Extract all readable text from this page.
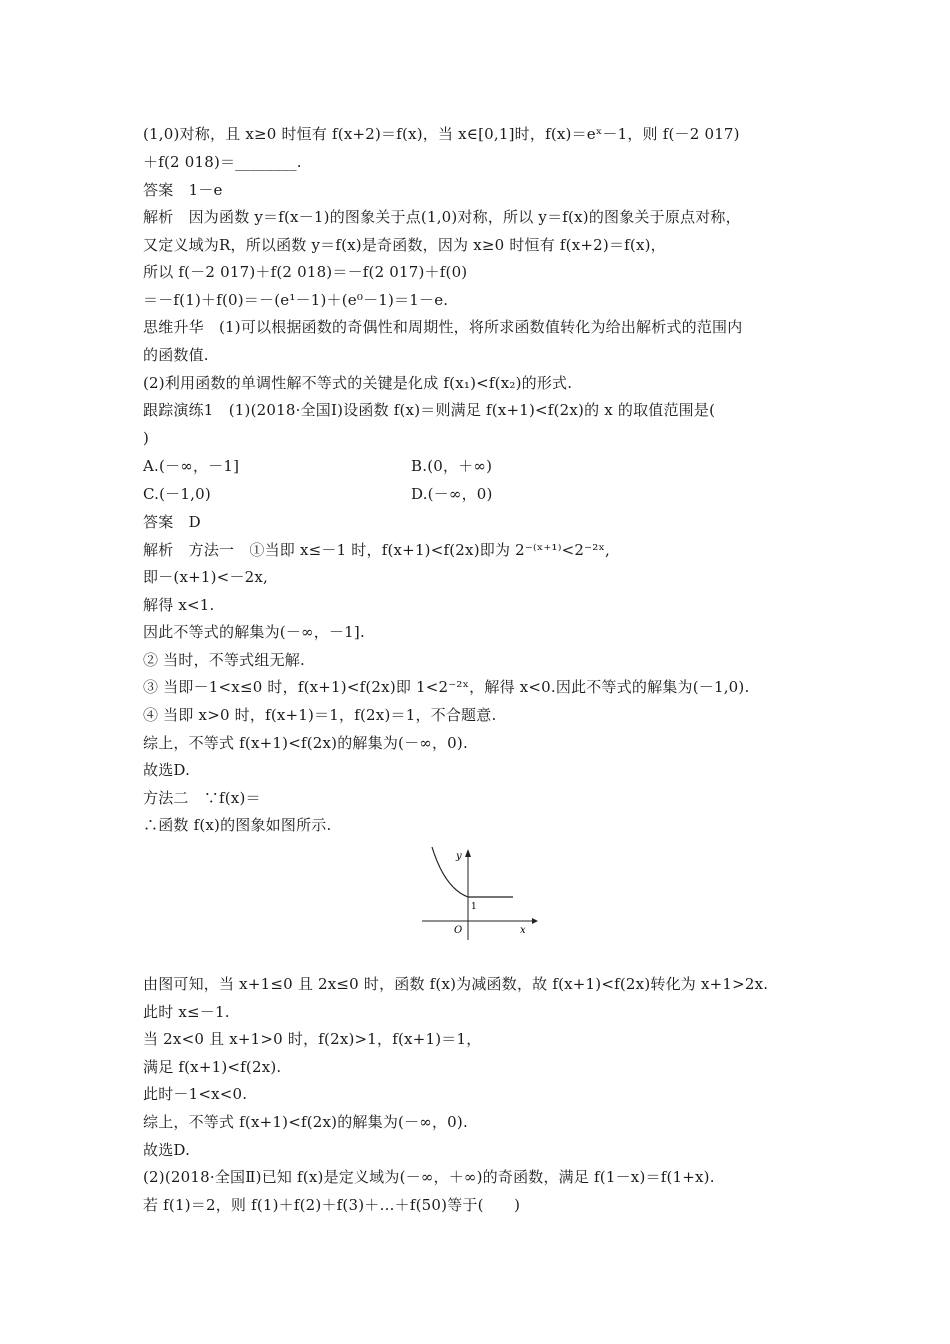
(1,0)对称，且 x≥0 时恒有 f(x+2)＝f(x)，当 x∈[0,1]时，f(x)＝eˣ－1，则 f(－2 017)
＋f(2 018)＝________.
答案　1－e
解析　因为函数 y＝f(x－1)的图象关于点(1,0)对称，所以 y＝f(x)的图象关于原点对称，
又定义域为R，所以函数 y＝f(x)是奇函数，因为 x≥0 时恒有 f(x+2)＝f(x)，
所以 f(－2 017)＋f(2 018)＝－f(2 017)＋f(0)
＝－f(1)＋f(0)＝－(e¹－1)＋(e⁰－1)＝1－e.
思维升华　(1)可以根据函数的奇偶性和周期性，将所求函数值转化为给出解析式的范围内
的函数值.
(2)利用函数的单调性解不等式的关键是化成 f(x₁)<f(x₂)的形式.
跟踪演练1　(1)(2018·全国Ⅰ)设函数 f(x)＝则满足 f(x+1)<f(2x)的 x 的取值范围是(
)
A.(－∞，－1]	B.(0，＋∞)
C.(－1,0)	D.(－∞，0)
答案　D
解析　方法一　①当即 x≤－1 时，f(x+1)<f(2x)即为 2⁻⁽ˣ⁺¹⁾<2⁻²ˣ,
即－(x+1)<－2x,
解得 x<1.
因此不等式的解集为(－∞，－1].
② 当时，不等式组无解.
③ 当即－1<x≤0 时，f(x+1)<f(2x)即 1<2⁻²ˣ，解得 x<0.因此不等式的解集为(－1,0).
④ 当即 x>0 时，f(x+1)＝1，f(2x)＝1，不合题意.
综上，不等式 f(x+1)<f(2x)的解集为(－∞，0).
故选D.
方法二　∵f(x)＝
∴函数 f(x)的图象如图所示.
y
x
O
1
由图可知，当 x+1≤0 且 2x≤0 时，函数 f(x)为减函数，故 f(x+1)<f(2x)转化为 x+1>2x.
此时 x≤－1.
当 2x<0 且 x+1>0 时，f(2x)>1，f(x+1)＝1，
满足 f(x+1)<f(2x).
此时－1<x<0.
综上，不等式 f(x+1)<f(2x)的解集为(－∞，0).
故选D.
(2)(2018·全国Ⅱ)已知 f(x)是定义域为(－∞，＋∞)的奇函数，满足 f(1－x)＝f(1+x).
若 f(1)＝2，则 f(1)＋f(2)＋f(3)＋…＋f(50)等于(　　)
